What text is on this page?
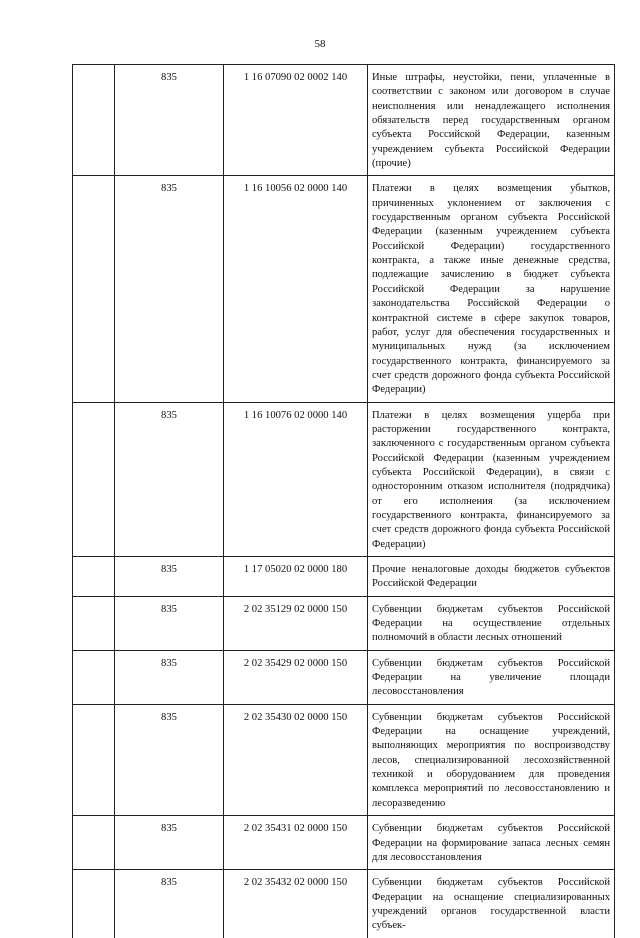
58
	835	1 16 07090 02 0002 140	Иные штрафы, неустойки, пени, уплаченные в соответствии с законом или договором в случае неисполнения или ненадлежащего исполнения обязательств перед государственным органом субъекта Российской Федерации, казенным учреждением субъекта Российской Федерации (прочие)
	835	1 16 10056 02 0000 140	Платежи в целях возмещения убытков, причиненных уклонением от заключения с государственным органом субъекта Российской Федерации (казенным учреждением субъекта Российской Федерации) государственного контракта, а также иные денежные средства, подлежащие зачислению в бюджет субъекта Российской Федерации за нарушение законодательства Российской Федерации о контрактной системе в сфере закупок товаров, работ, услуг для обеспечения государственных и муниципальных нужд (за исключением государственного контракта, финансируемого за счет средств дорожного фонда субъекта Российской Федерации)
	835	1 16 10076 02 0000 140	Платежи в целях возмещения ущерба при расторжении государственного контракта, заключенного с государственным органом субъекта Российской Федерации (казенным учреждением субъекта Российской Федерации), в связи с односторонним отказом исполнителя (подрядчика) от его исполнения (за исключением государственного контракта, финансируемого за счет средств дорожного фонда субъекта Российской Федерации)
	835	1 17 05020 02 0000 180	Прочие неналоговые доходы бюджетов субъектов Российской Федерации
	835	2 02 35129 02 0000 150	Субвенции бюджетам субъектов Российской Федерации на осуществление отдельных полномочий в области лесных отношений
	835	2 02 35429 02 0000 150	Субвенции бюджетам субъектов Российской Федерации на увеличение площади лесовосстановления
	835	2 02 35430 02 0000 150	Субвенции бюджетам субъектов Российской Федерации на оснащение учреждений, выполняющих мероприятия по воспроизводству лесов, специализированной лесохозяйственной техникой и оборудованием для проведения комплекса мероприятий по лесовосстановлению и лесоразведению
	835	2 02 35431 02 0000 150	Субвенции бюджетам субъектов Российской Федерации на формирование запаса лесных семян для лесовосстановления
	835	2 02 35432 02 0000 150	Субвенции бюджетам субъектов Российской Федерации на оснащение специализированных учреждений органов государственной власти субъек-
